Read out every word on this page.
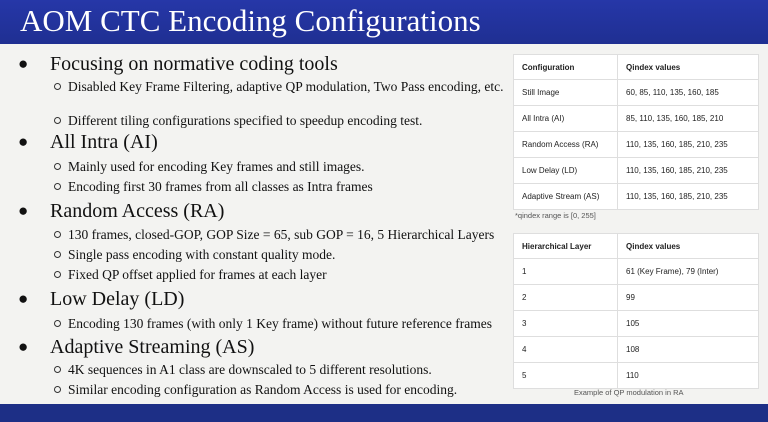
AOM CTC Encoding Configurations
● Focusing on normative coding tools
Disabled Key Frame Filtering, adaptive QP modulation, Two Pass encoding, etc.
Different tiling configurations specified to speedup encoding test.
● All Intra (AI)
Mainly used for encoding Key frames and still images.
Encoding first 30 frames from all classes as Intra frames
● Random Access (RA)
130 frames, closed-GOP, GOP Size = 65, sub GOP = 16, 5 Hierarchical Layers
Single pass encoding with constant quality mode.
Fixed QP offset applied for frames at each layer
● Low Delay (LD)
Encoding 130 frames (with only 1 Key frame) without future reference frames
● Adaptive Streaming (AS)
4K sequences in A1 class are downscaled to 5 different resolutions.
Similar encoding configuration as Random Access is used for encoding.
Configuration	Qindex values
Still Image	60, 85, 110, 135, 160, 185
All Intra (AI)	85, 110, 135, 160, 185, 210
Random Access (RA)	110, 135, 160, 185, 210, 235
Low Delay (LD)	110, 135, 160, 185, 210, 235
Adaptive Stream (AS)	110, 135, 160, 185, 210, 235
*qindex range is [0, 255]
Hierarchical Layer	Qindex values
1	61 (Key Frame), 79 (Inter)
2	99
3	105
4	108
5	110
Example of QP modulation in RA
